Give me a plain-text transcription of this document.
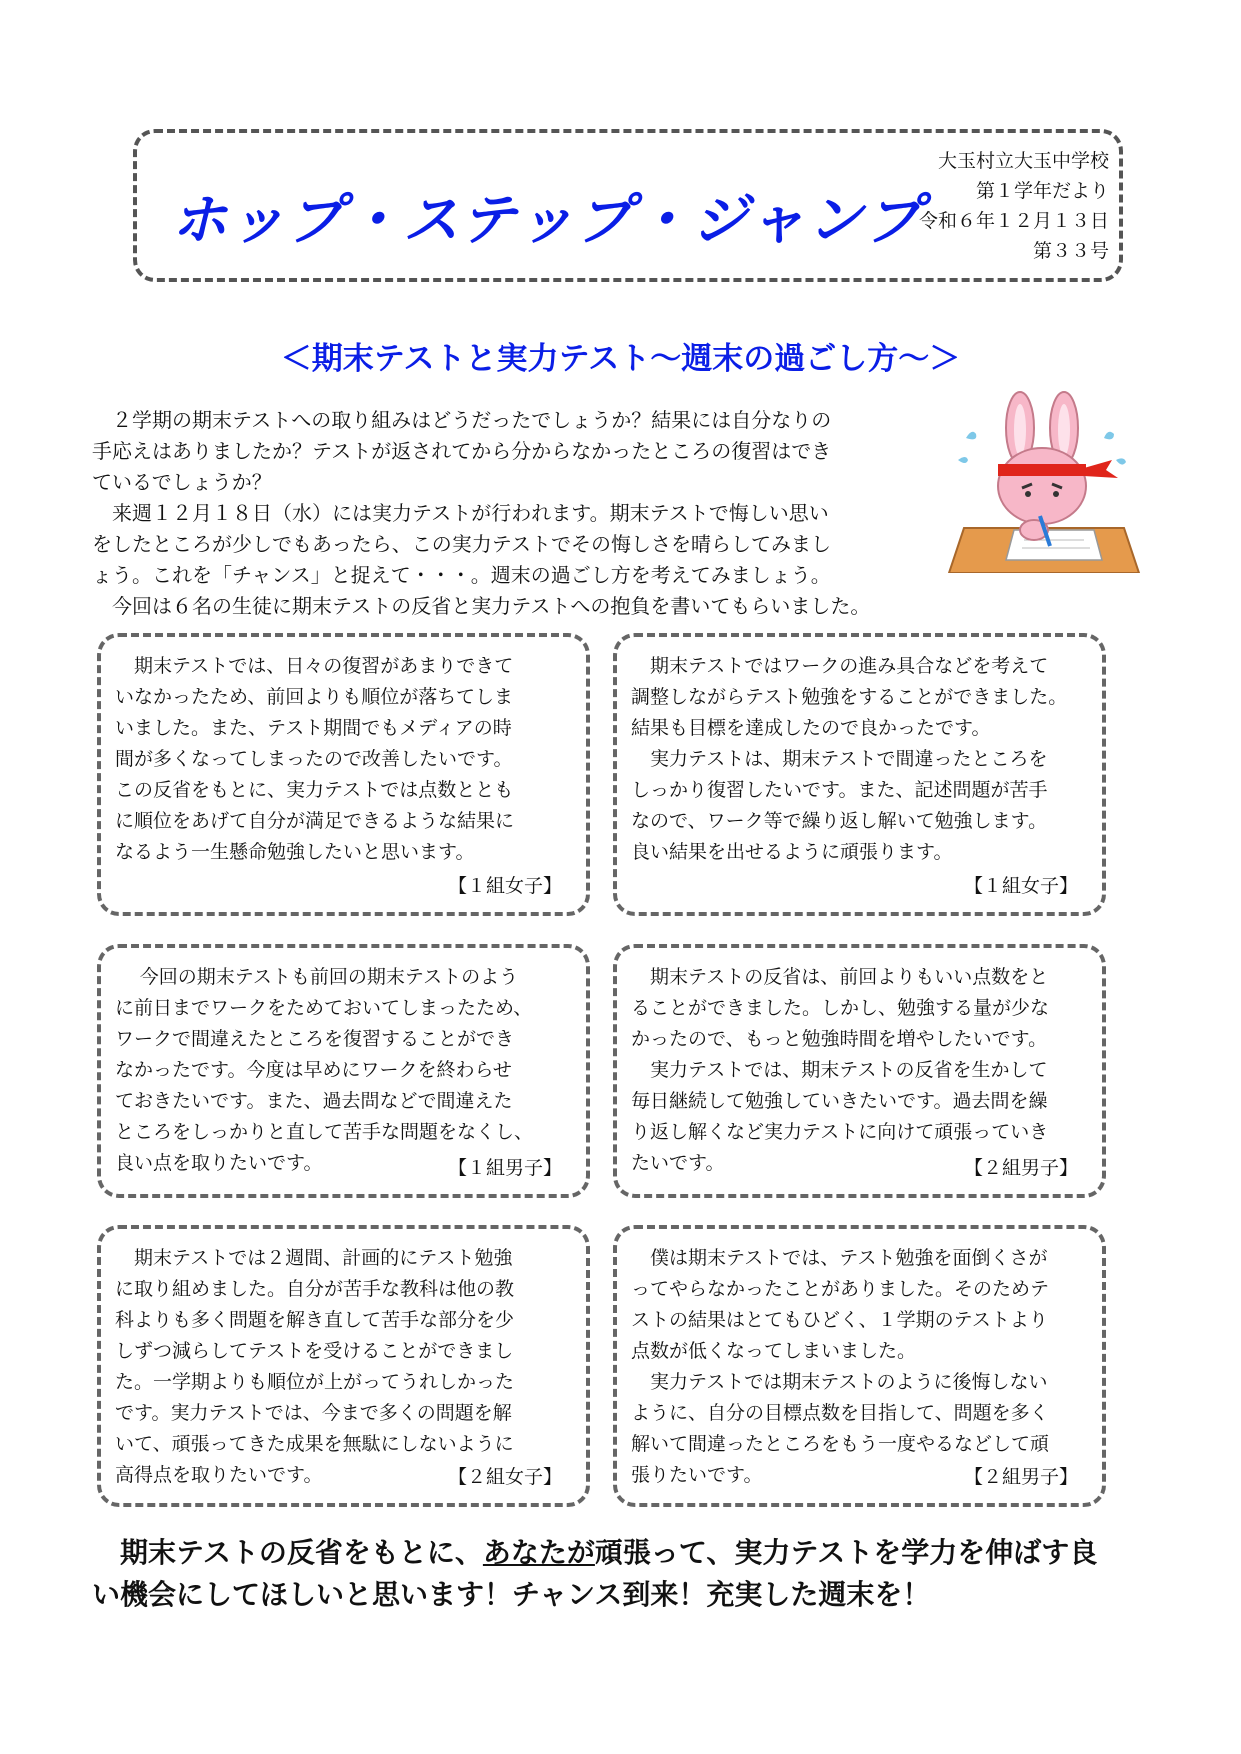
ホップ・ステップ・ジャンプ
大玉村立大玉中学校
第１学年だより
令和６年１２月１３日
第３３号
＜期末テストと実力テスト～週末の過ごし方～＞

２学期の期末テストへの取り組みはどうだったでしょうか？結果には自分なりの

手応えはありましたか？テストが返されてから分からなかったところの復習はでき

ているでしょうか？

来週１２月１８日（水）には実力テストが行われます。期末テストで悔しい思い

をしたところが少しでもあったら、この実力テストでその悔しさを晴らしてみまし

ょう。これを「チャンス」と捉えて・・・。週末の過ごし方を考えてみましょう。

今回は６名の生徒に期末テストの反省と実力テストへの抱負を書いてもらいました。

期末テストでは、日々の復習があまりできて

いなかったため、前回よりも順位が落ちてしま

いました。また、テスト期間でもメディアの時

間が多くなってしまったので改善したいです。

この反省をもとに、実力テストでは点数ととも

に順位をあげて自分が満足できるような結果に

なるよう一生懸命勉強したいと思います。

【１組女子】

期末テストではワークの進み具合などを考えて

調整しながらテスト勉強をすることができました。

結果も目標を達成したので良かったです。

実力テストは、期末テストで間違ったところを

しっかり復習したいです。また、記述問題が苦手

なので、ワーク等で繰り返し解いて勉強します。

良い結果を出せるように頑張ります。

【１組女子】

今回の期末テストも前回の期末テストのよう

に前日までワークをためておいてしまったため、

ワークで間違えたところを復習することができ

なかったです。今度は早めにワークを終わらせ

ておきたいです。また、過去問などで間違えた

ところをしっかりと直して苦手な問題をなくし、

良い点を取りたいです。	【１組男子】

期末テストの反省は、前回よりもいい点数をと

ることができました。しかし、勉強する量が少な

かったので、もっと勉強時間を増やしたいです。

実力テストでは、期末テストの反省を生かして

毎日継続して勉強していきたいです。過去問を繰

り返し解くなど実力テストに向けて頑張っていき

たいです。	【２組男子】

期末テストでは２週間、計画的にテスト勉強

に取り組めました。自分が苦手な教科は他の教

科よりも多く問題を解き直して苦手な部分を少

しずつ減らしてテストを受けることができまし

た。一学期よりも順位が上がってうれしかった

です。実力テストでは、今まで多くの問題を解

いて、頑張ってきた成果を無駄にしないように

高得点を取りたいです。	【２組女子】

僕は期末テストでは、テスト勉強を面倒くさが

ってやらなかったことがありました。そのためテ

ストの結果はとてもひどく、１学期のテストより

点数が低くなってしまいました。

実力テストでは期末テストのように後悔しない

ように、自分の目標点数を目指して、問題を多く

解いて間違ったところをもう一度やるなどして頑

張りたいです。	【２組男子】
期末テストの反省をもとに、あなたが頑張って、実力テストを学力を伸ばす良
い機会にしてほしいと思います！チャンス到来！充実した週末を！
